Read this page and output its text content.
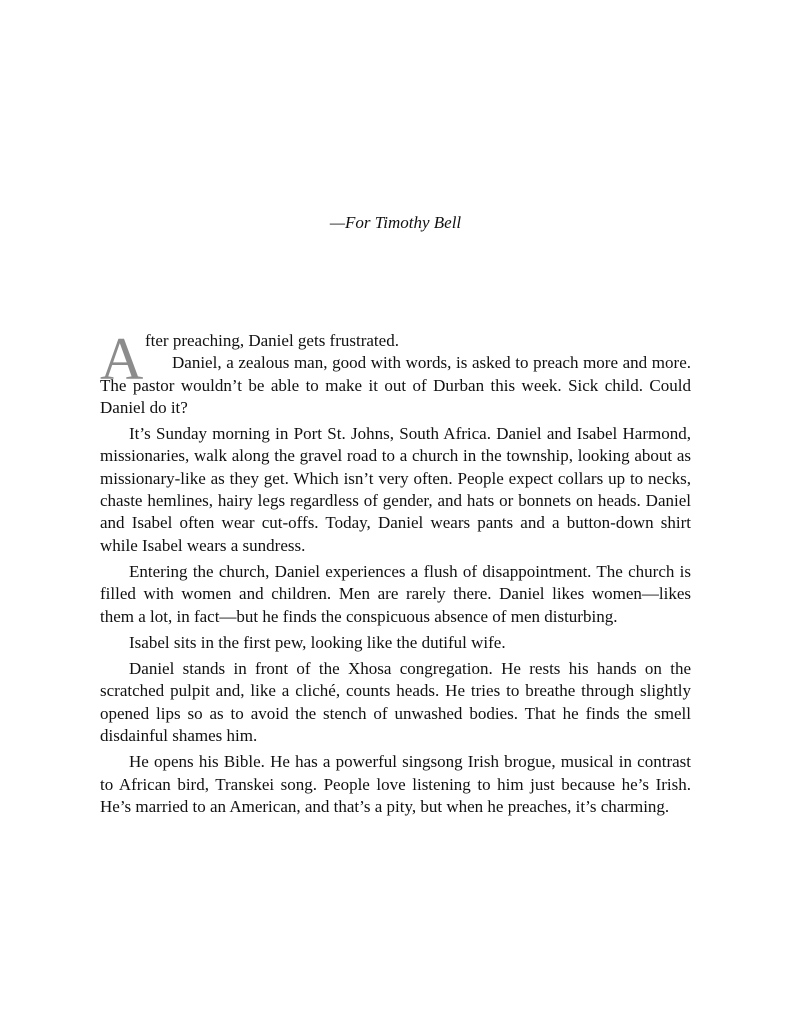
—For Timothy Bell
A fter preaching, Daniel gets frustrated.

Daniel, a zealous man, good with words, is asked to preach more and more. The pastor wouldn’t be able to make it out of Durban this week. Sick child. Could Daniel do it?

It’s Sunday morning in Port St. Johns, South Africa. Daniel and Isabel Harmond, missionaries, walk along the gravel road to a church in the township, looking about as missionary-like as they get. Which isn’t very often. People expect collars up to necks, chaste hemlines, hairy legs regardless of gender, and hats or bonnets on heads. Daniel and Isabel often wear cut-offs. Today, Daniel wears pants and a button-down shirt while Isabel wears a sundress.

Entering the church, Daniel experiences a flush of disappointment. The church is filled with women and children. Men are rarely there. Daniel likes women—likes them a lot, in fact—but he finds the conspicuous absence of men disturbing.

Isabel sits in the first pew, looking like the dutiful wife.

Daniel stands in front of the Xhosa congregation. He rests his hands on the scratched pulpit and, like a cliché, counts heads. He tries to breathe through slightly opened lips so as to avoid the stench of unwashed bodies. That he finds the smell disdainful shames him.

He opens his Bible. He has a powerful singsong Irish brogue, musical in contrast to African bird, Transkei song. People love listening to him just because he’s Irish. He’s married to an American, and that’s a pity, but when he preaches, it’s charming.
